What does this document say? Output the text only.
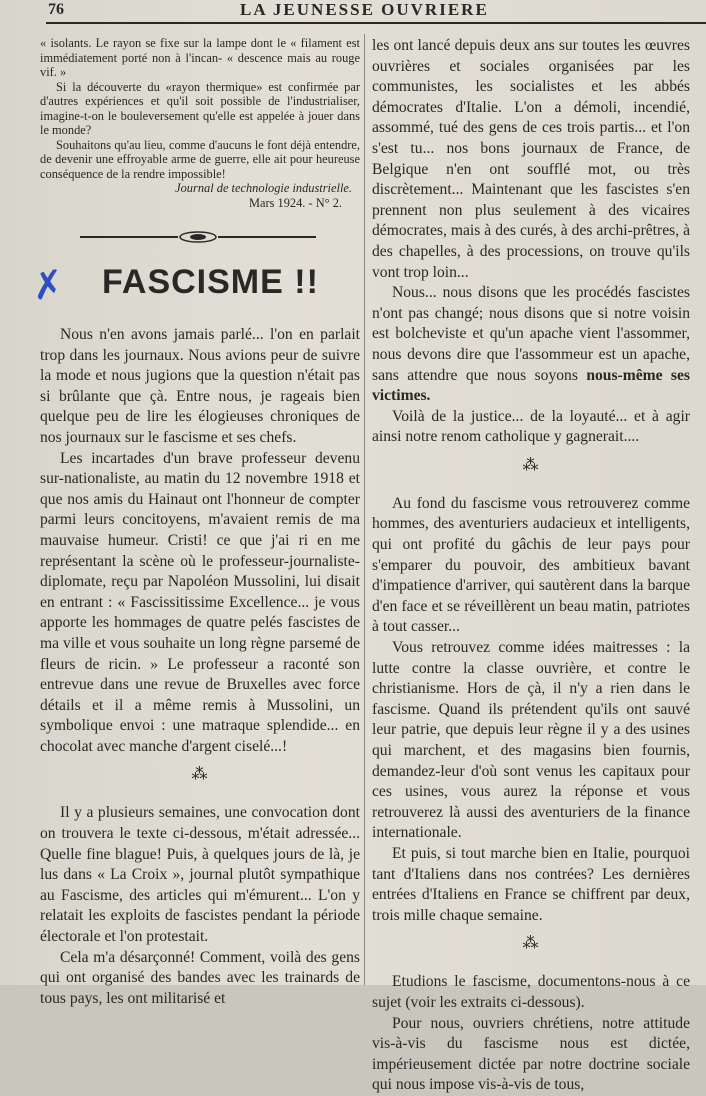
76	LA JEUNESSE OUVRIERE

« isolants. Le rayon se fixe sur la lampe dont le « filament est immédiatement porté non à l'incan- « descence mais au rouge vif. »

Si la découverte du «rayon thermique» est confirmée par d'autres expériences et qu'il soit possible de l'industrialiser, imagine-t-on le bouleversement qu'elle est appelée à jouer dans le monde?

Souhaitons qu'au lieu, comme d'aucuns le font déjà entendre, de devenir une effroyable arme de guerre, elle ait pour heureuse conséquence de la rendre impossible!

Journal de technologie industrielle.
Mars 1924. - N° 2.
✗ FASCISME !!

Nous n'en avons jamais parlé... l'on en parlait trop dans les journaux. Nous avions peur de suivre la mode et nous jugions que la question n'était pas si brûlante que çà. Entre nous, je rageais bien quelque peu de lire les élogieuses chroniques de nos journaux sur le fascisme et ses chefs.

Les incartades d'un brave professeur devenu sur-nationaliste, au matin du 12 novembre 1918 et que nos amis du Hainaut ont l'honneur de compter parmi leurs concitoyens, m'avaient remis de ma mauvaise humeur. Cristi! ce que j'ai ri en me représentant la scène où le professeur-journaliste-diplomate, reçu par Napoléon Mussolini, lui disait en entrant : « Fascissitissime Excellence... je vous apporte les hommages de quatre pelés fascistes de ma ville et vous souhaite un long règne parsemé de fleurs de ricin. » Le professeur a raconté son entrevue dans une revue de Bruxelles avec force détails et il a même remis à Mussolini, un symbolique envoi : une matraque splendide... en chocolat avec manche d'argent ciselé...!

⁂

Il y a plusieurs semaines, une convocation dont on trouvera le texte ci-dessous, m'était adressée... Quelle fine blague! Puis, à quelques jours de là, je lus dans « La Croix », journal plutôt sympathique au Fascisme, des articles qui m'émurent... L'on y relatait les exploits de fascistes pendant la période électorale et l'on protestait.

Cela m'a désarçonné! Comment, voilà des gens qui ont organisé des bandes avec les trainards de tous pays, les ont militarisé et

les ont lancé depuis deux ans sur toutes les œuvres ouvrières et sociales organisées par les communistes, les socialistes et les abbés démocrates d'Italie. L'on a démoli, incendié, assommé, tué des gens de ces trois partis... et l'on s'est tu... nos bons journaux de France, de Belgique n'en ont soufflé mot, ou très discrètement... Maintenant que les fascistes s'en prennent non plus seulement à des vicaires démocrates, mais à des curés, à des archi-prêtres, à des chapelles, à des processions, on trouve qu'ils vont trop loin...

Nous... nous disons que les procédés fascistes n'ont pas changé; nous disons que si notre voisin est bolcheviste et qu'un apache vient l'assommer, nous devons dire que l'assommeur est un apache, sans attendre que nous soyons nous-même ses victimes.

Voilà de la justice... de la loyauté... et à agir ainsi notre renom catholique y gagnerait....

⁂

Au fond du fascisme vous retrouverez comme hommes, des aventuriers audacieux et intelligents, qui ont profité du gâchis de leur pays pour s'emparer du pouvoir, des ambitieux bavant d'impatience d'arriver, qui sautèrent dans la barque d'en face et se réveillèrent un beau matin, patriotes à tout casser...

Vous retrouvez comme idées maitresses : la lutte contre la classe ouvrière, et contre le christianisme. Hors de çà, il n'y a rien dans le fascisme. Quand ils prétendent qu'ils ont sauvé leur patrie, que depuis leur règne il y a des usines qui marchent, et des magasins bien fournis, demandez-leur d'où sont venus les capitaux pour ces usines, vous aurez la réponse et vous retrouverez là aussi des aventuriers de la finance internationale.

Et puis, si tout marche bien en Italie, pourquoi tant d'Italiens dans nos contrées? Les dernières entrées d'Italiens en France se chiffrent par deux, trois mille chaque semaine.

⁂

Etudions le fascisme, documentons-nous à ce sujet (voir les extraits ci-dessous).

Pour nous, ouvriers chrétiens, notre attitude vis-à-vis du fascisme nous est dictée, impérieusement dictée par notre doctrine sociale qui nous impose vis-à-vis de tous,
